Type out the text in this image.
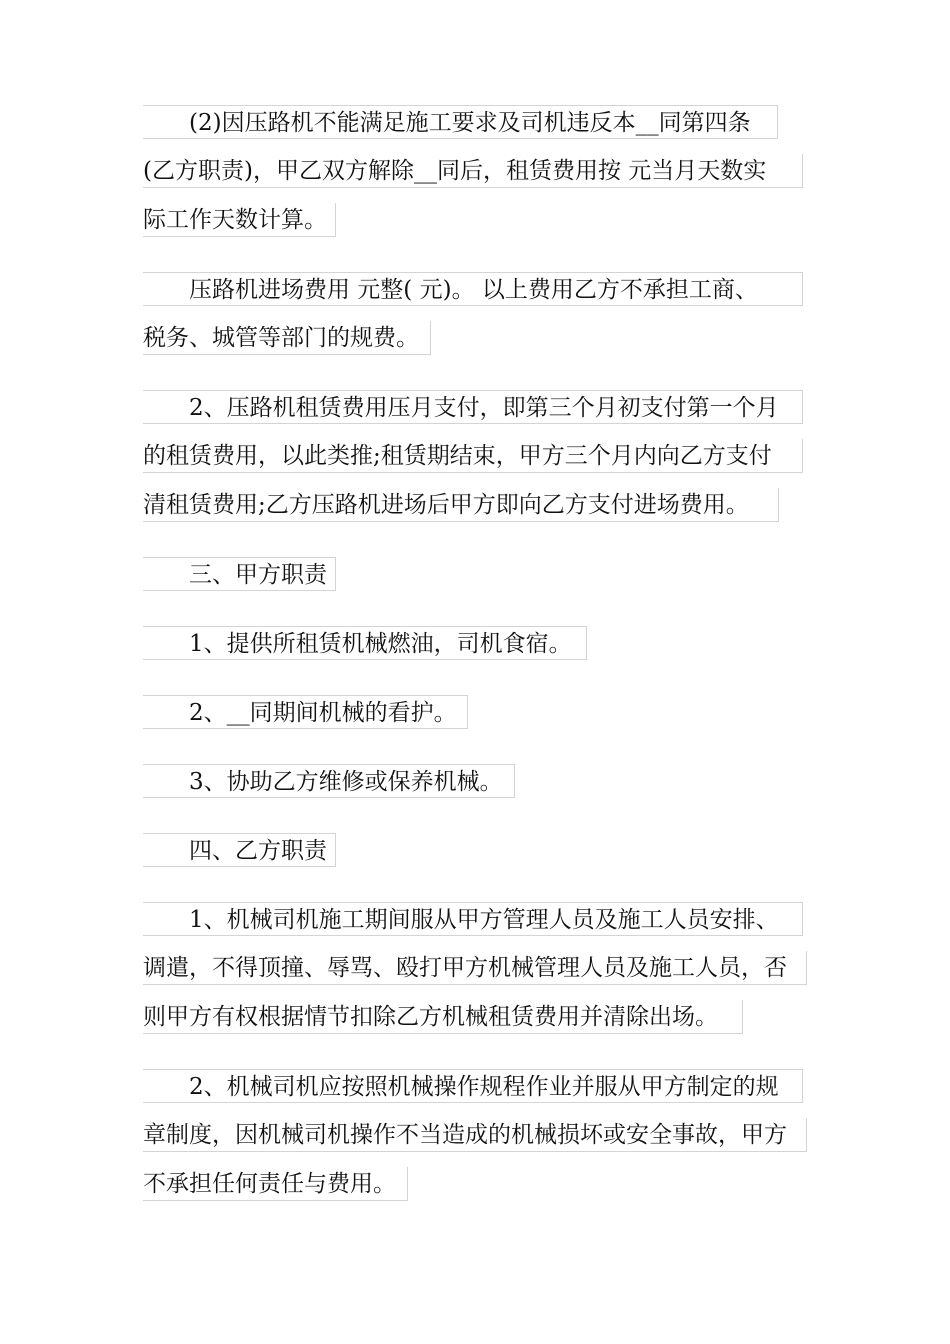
(2)因压路机不能满足施工要求及司机违反本__同第四条
(乙方职责)，甲乙双方解除__同后，租赁费用按 元当月天数实
际工作天数计算。
压路机进场费用 元整( 元)。 以上费用乙方不承担工商、
税务、城管等部门的规费。
2、压路机租赁费用压月支付，即第三个月初支付第一个月
的租赁费用，以此类推;租赁期结束，甲方三个月内向乙方支付
清租赁费用;乙方压路机进场后甲方即向乙方支付进场费用。
三、甲方职责
1、提供所租赁机械燃油，司机食宿。
2、__同期间机械的看护。
3、协助乙方维修或保养机械。
四、乙方职责
1、机械司机施工期间服从甲方管理人员及施工人员安排、
调遣，不得顶撞、辱骂、殴打甲方机械管理人员及施工人员，否
则甲方有权根据情节扣除乙方机械租赁费用并清除出场。
2、机械司机应按照机械操作规程作业并服从甲方制定的规
章制度，因机械司机操作不当造成的机械损坏或安全事故，甲方
不承担任何责任与费用。
